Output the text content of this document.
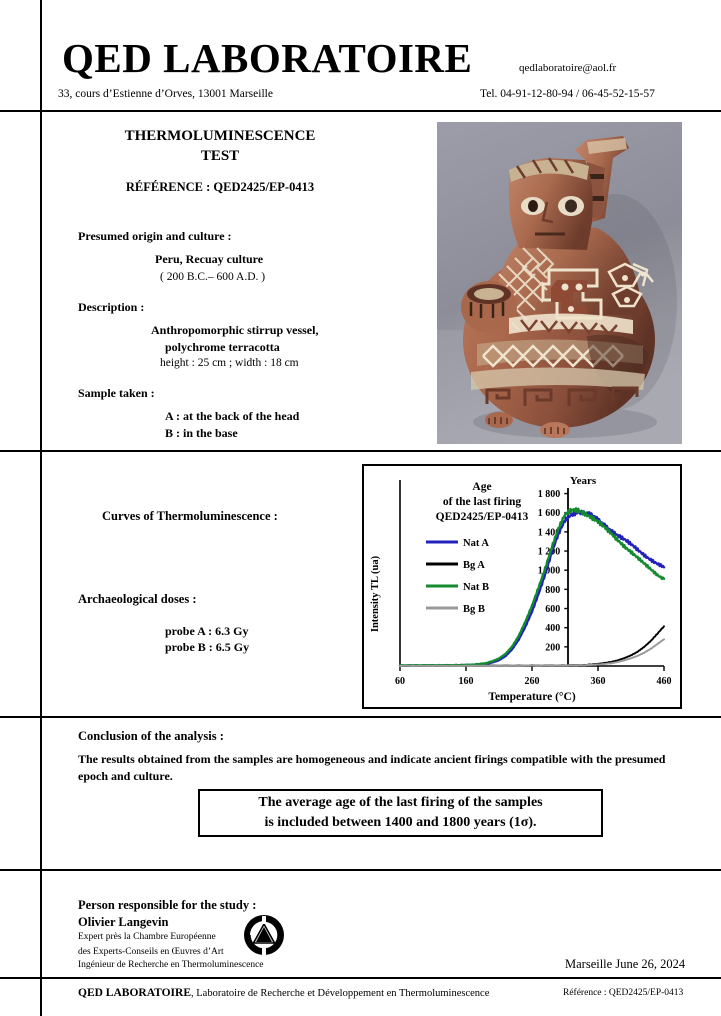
QED LABORATOIRE	qedlaboratoire@aol.fr
33, cours d’Estienne d’Orves, 13001 Marseille	Tel. 04-91-12-80-94 / 06-45-52-15-57
THERMOLUMINESCENCE
TEST
RÉFÉRENCE : QED2425/EP-0413
Presumed origin and culture :
Peru, Recuay culture
( 200 B.C.– 600 A.D. )
Description :
Anthropomorphic stirrup vessel,
polychrome terracotta
height : 25 cm ; width : 18 cm
Sample taken :
A : at the back of the head
B : in the base
Curves of Thermoluminescence :
Archaeological doses :
probe A : 6.3 Gy
probe B : 6.5 Gy
60	160	260	360	460
Temperature (°C)
Intensity TL (ua)
200
400
600
800
1 000
1 200
1 400
1 600
1 800
Years
Age
of the last firing
QED2425/EP-0413
Nat A
Bg A
Nat B
Bg B
Conclusion of the analysis :
The results obtained from the samples are homogeneous and indicate ancient firings compatible with the presumed epoch and culture.
The average age of the last firing of the samples
is included between 1400 and 1800 years (1σ).
Person responsible for the study :
Olivier Langevin
Expert près la Chambre Européenne
des Experts-Conseils en Œuvres d’Art
Ingénieur de Recherche en Thermoluminescence	Marseille June 26, 2024
QED LABORATOIRE, Laboratoire de Recherche et Développement en Thermoluminescence	Référence : QED2425/EP-0413
